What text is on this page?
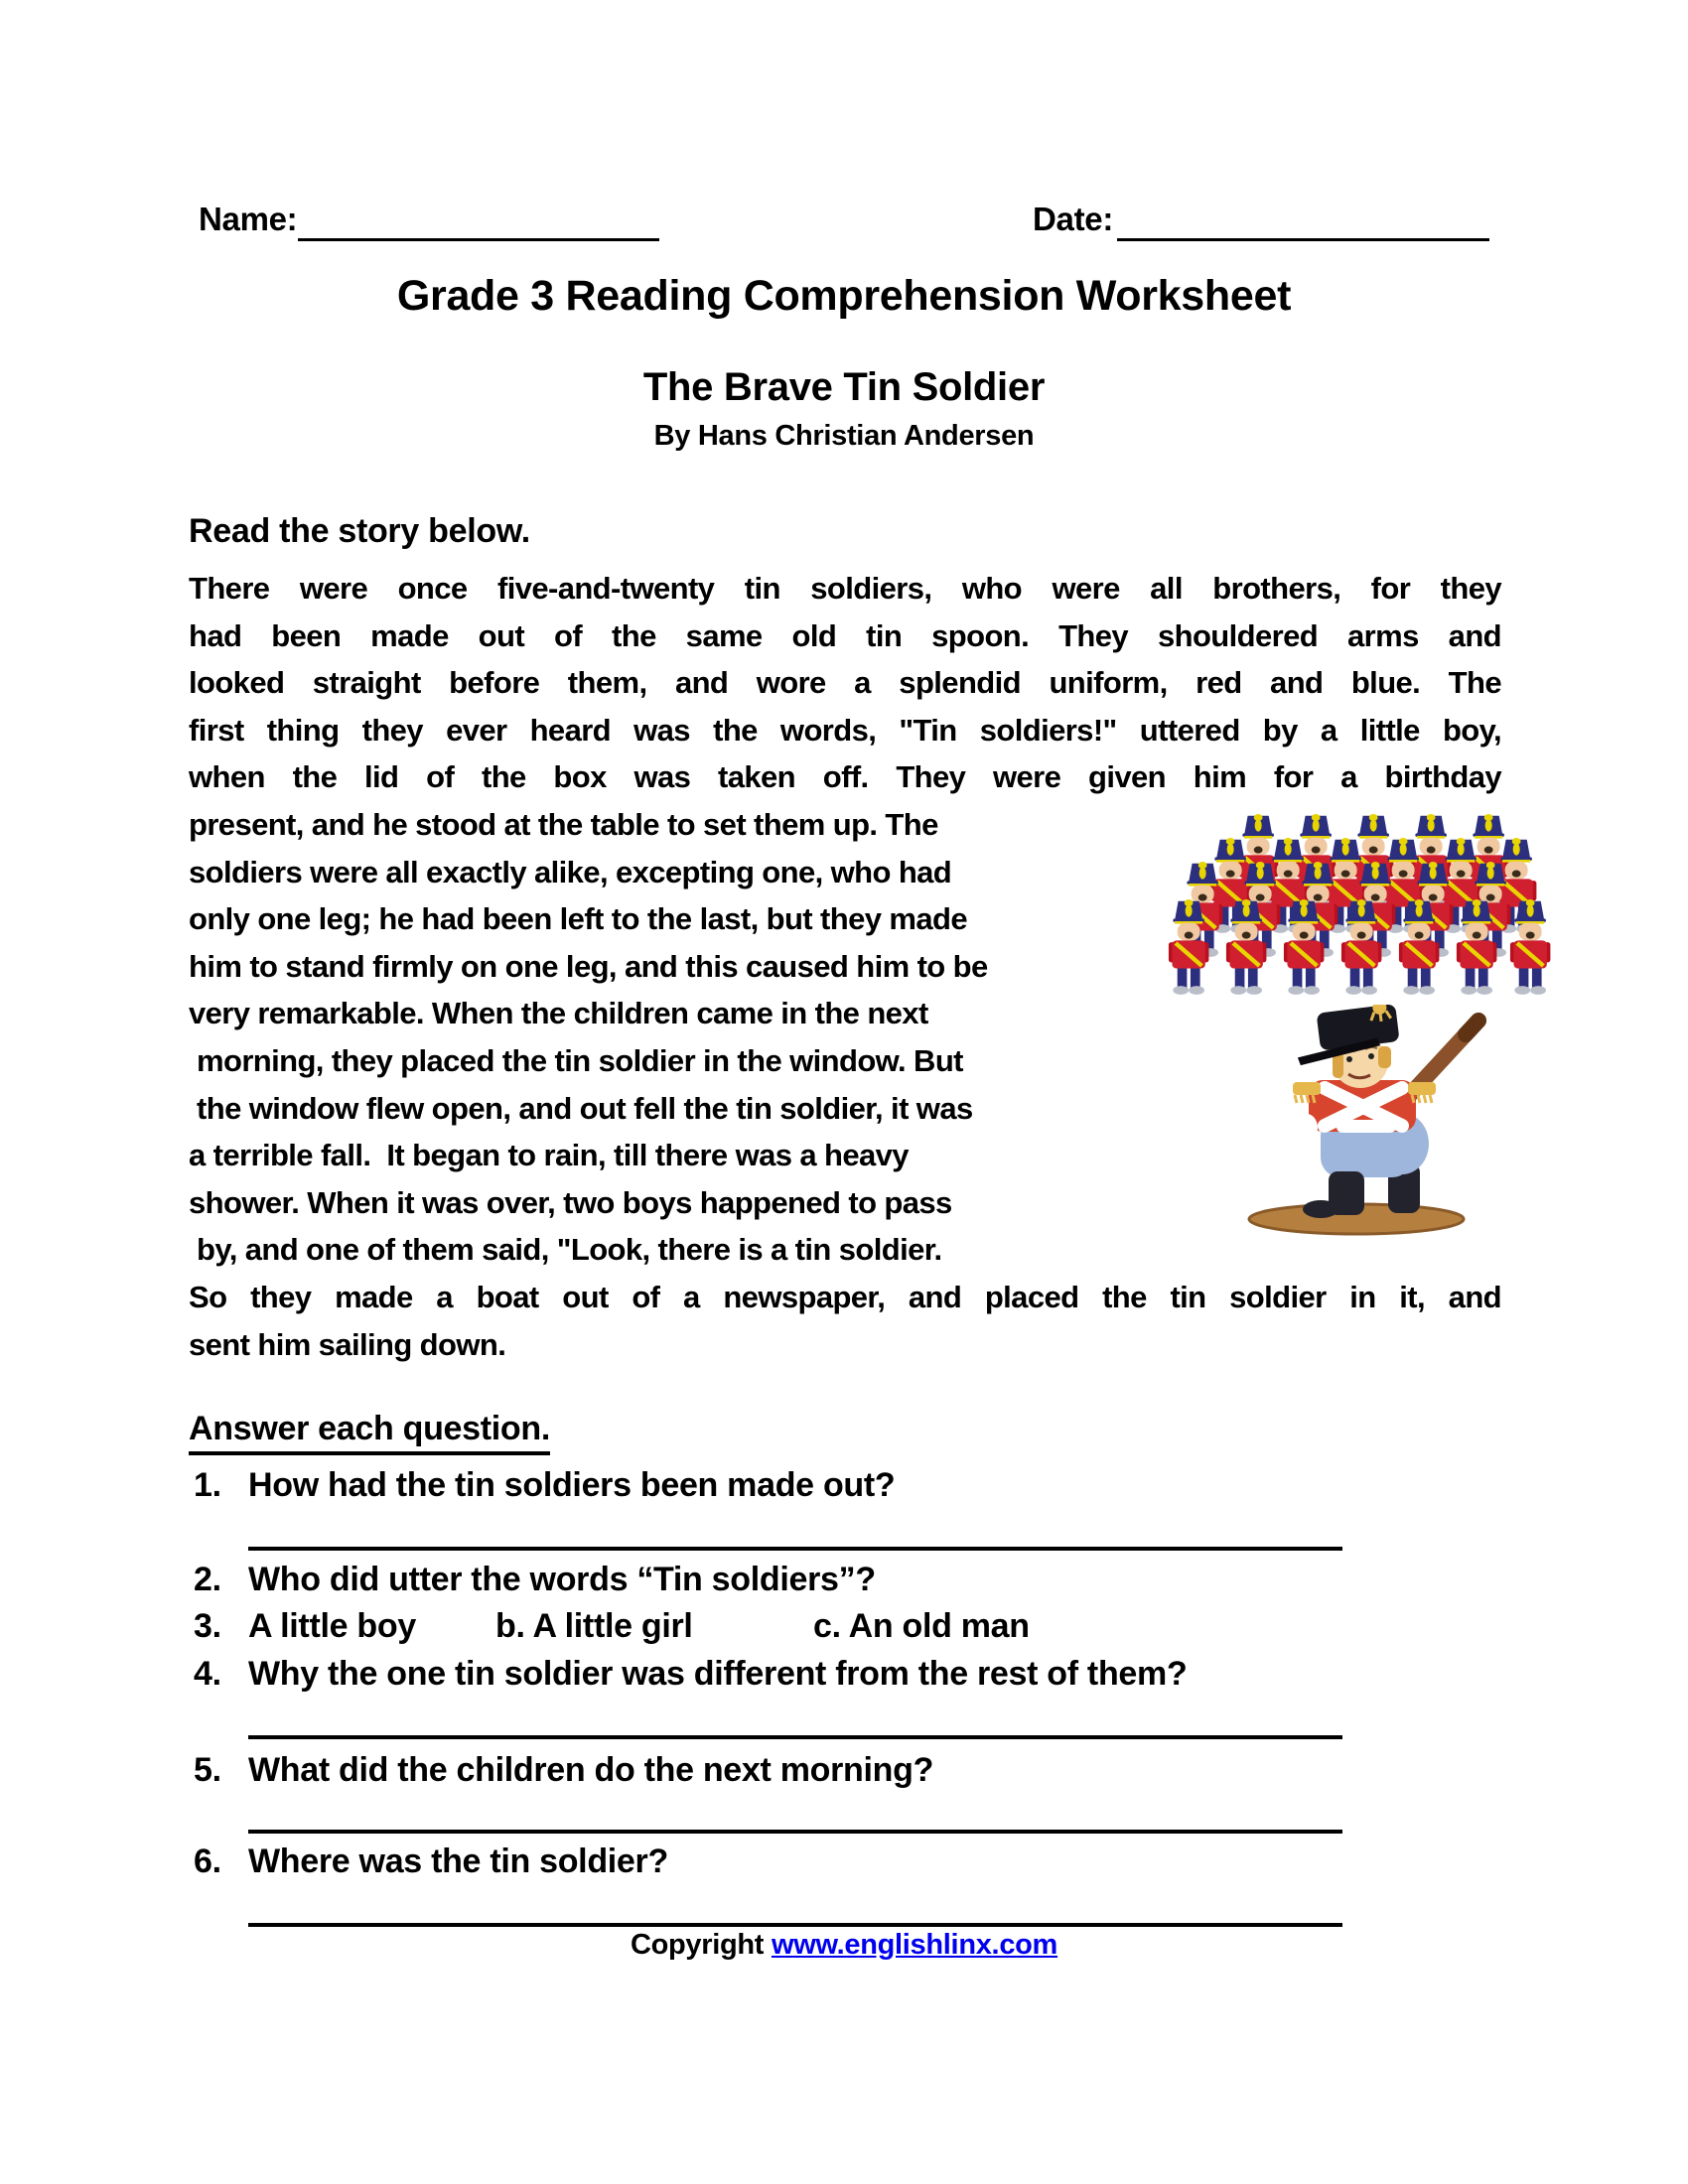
Name:	Date:
Grade 3 Reading Comprehension Worksheet
The Brave Tin Soldier
By Hans Christian Andersen
Read the story below.
There were once five-and-twenty tin soldiers, who were all brothers, for they
had been made out of the same old tin spoon. They shouldered arms and
looked straight before them, and wore a splendid uniform, red and blue. The
first thing they ever heard was the words, "Tin soldiers!" uttered by a little boy,
when the lid of the box was taken off. They were given him for a birthday
present, and he stood at the table to set them up. The
soldiers were all exactly alike, excepting one, who had
only one leg; he had been left to the last, but they made
him to stand firmly on one leg, and this caused him to be
very remarkable. When the children came in the next
morning, they placed the tin soldier in the window. But
the window flew open, and out fell the tin soldier, it was
a terrible fall.  It began to rain, till there was a heavy
shower. When it was over, two boys happened to pass
by, and one of them said, "Look, there is a tin soldier.
So they made a boat out of a newspaper, and placed the tin soldier in it, and
sent him sailing down.
Answer each question.
1. How had the tin soldiers been made out?
2. Who did utter the words “Tin soldiers”?
3. A little boy	b. A little girl	c. An old man
4. Why the one tin soldier was different from the rest of them?
5. What did the children do the next morning?
6. Where was the tin soldier?
Copyright www.englishlinx.com
